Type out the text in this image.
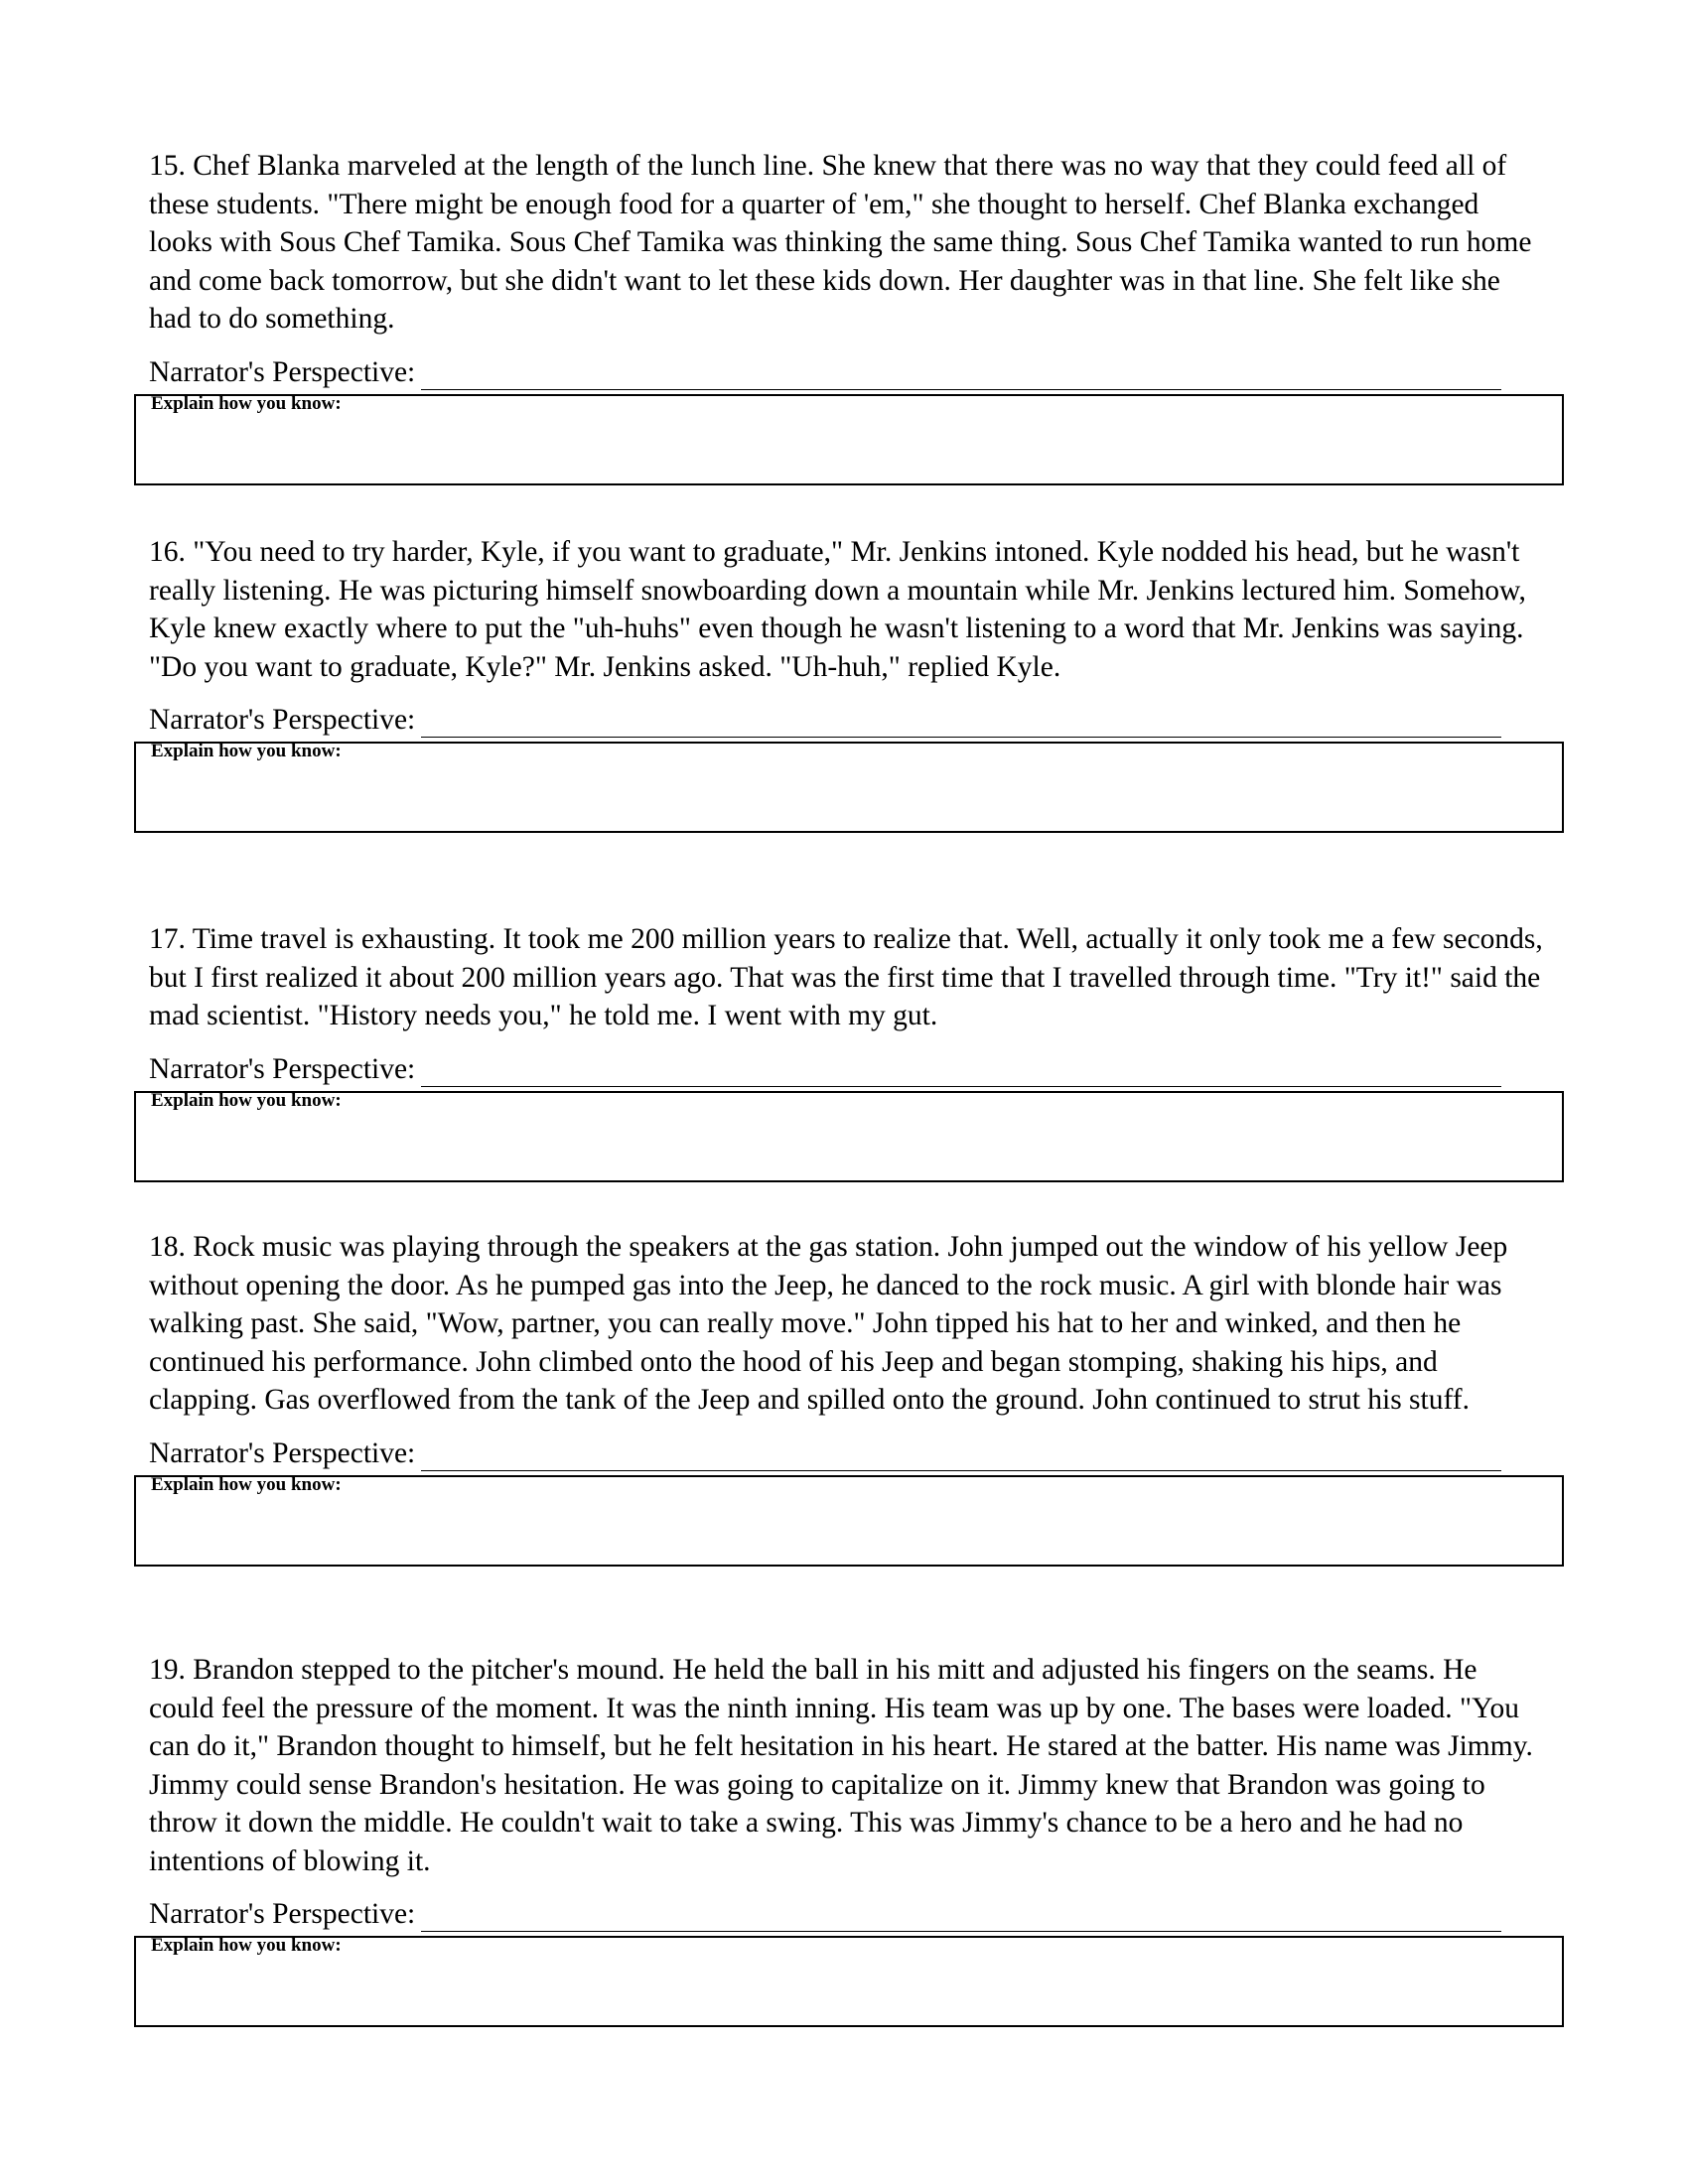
15. Chef Blanka marveled at the length of the lunch line. She knew that there was no way that they could feed all of these students. "There might be enough food for a quarter of 'em," she thought to herself. Chef Blanka exchanged looks with Sous Chef Tamika. Sous Chef Tamika was thinking the same thing. Sous Chef Tamika wanted to run home and come back tomorrow, but she didn't want to let these kids down. Her daughter was in that line. She felt like she had to do something.

Narrator's Perspective:
Explain how you know:

16. "You need to try harder, Kyle, if you want to graduate," Mr. Jenkins intoned. Kyle nodded his head, but he wasn't really listening. He was picturing himself snowboarding down a mountain while Mr. Jenkins lectured him. Somehow, Kyle knew exactly where to put the "uh-huhs" even though he wasn't listening to a word that Mr. Jenkins was saying. "Do you want to graduate, Kyle?" Mr. Jenkins asked. "Uh-huh," replied Kyle.

Narrator's Perspective:
Explain how you know:

17. Time travel is exhausting. It took me 200 million years to realize that. Well, actually it only took me a few seconds, but I first realized it about 200 million years ago. That was the first time that I travelled through time. "Try it!" said the mad scientist. "History needs you," he told me. I went with my gut.

Narrator's Perspective:
Explain how you know:

18. Rock music was playing through the speakers at the gas station. John jumped out the window of his yellow Jeep without opening the door. As he pumped gas into the Jeep, he danced to the rock music. A girl with blonde hair was walking past. She said, "Wow, partner, you can really move." John tipped his hat to her and winked, and then he continued his performance. John climbed onto the hood of his Jeep and began stomping, shaking his hips, and clapping. Gas overflowed from the tank of the Jeep and spilled onto the ground. John continued to strut his stuff.

Narrator's Perspective:
Explain how you know:

19. Brandon stepped to the pitcher's mound. He held the ball in his mitt and adjusted his fingers on the seams. He could feel the pressure of the moment. It was the ninth inning. His team was up by one. The bases were loaded. "You can do it," Brandon thought to himself, but he felt hesitation in his heart. He stared at the batter. His name was Jimmy. Jimmy could sense Brandon's hesitation. He was going to capitalize on it. Jimmy knew that Brandon was going to throw it down the middle. He couldn't wait to take a swing. This was Jimmy's chance to be a hero and he had no intentions of blowing it.

Narrator's Perspective:
Explain how you know:
